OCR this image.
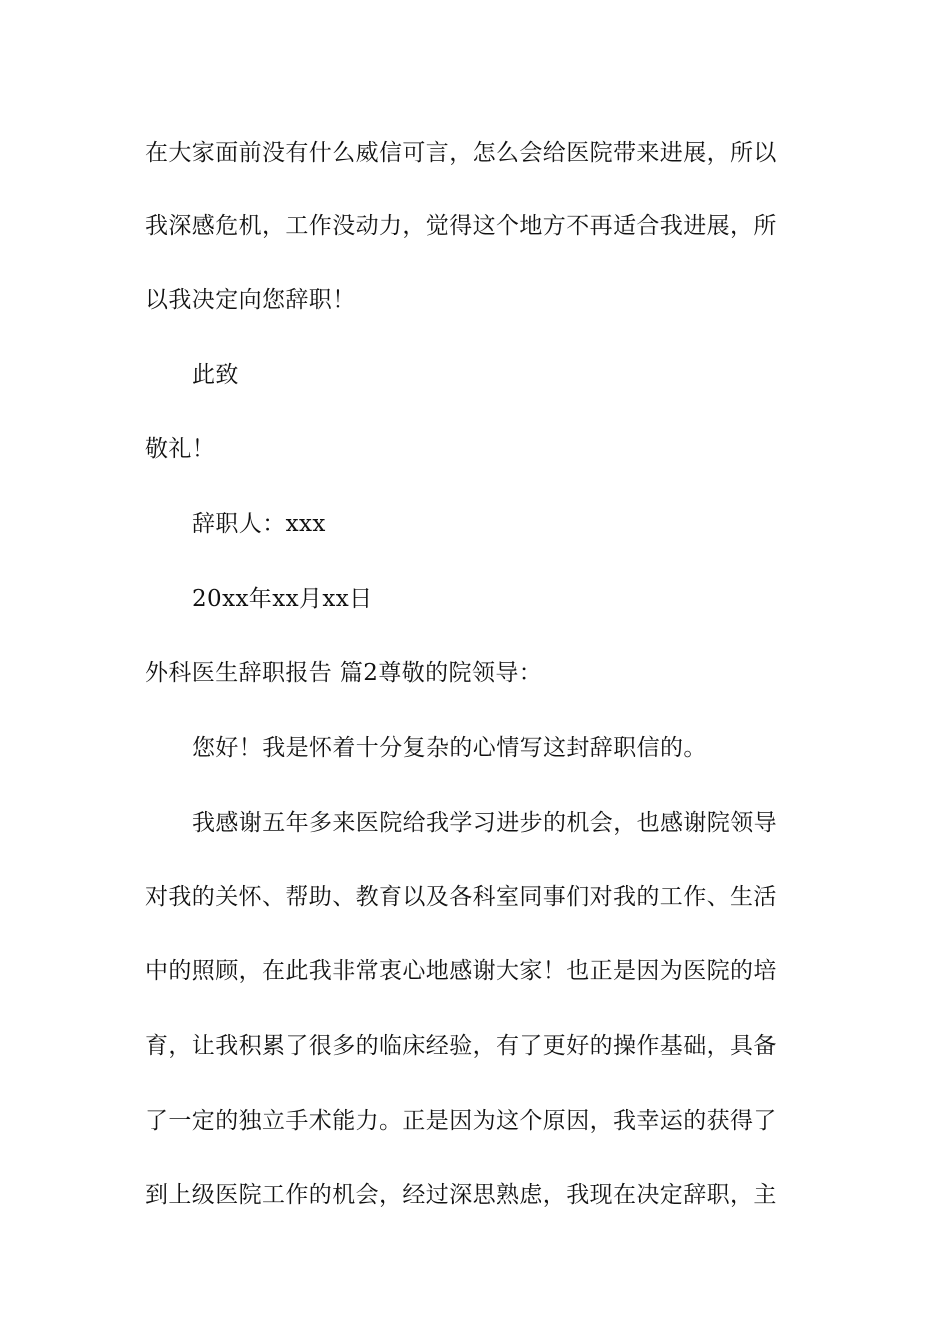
在大家面前没有什么威信可言，怎么会给医院带来进展，所以
我深感危机，工作没动力，觉得这个地方不再适合我进展，所
以我决定向您辞职！
此致
敬礼！
辞职人：xxx
20xx年xx月xx日
外科医生辞职报告 篇2尊敬的院领导：
您好！我是怀着十分复杂的心情写这封辞职信的。
我感谢五年多来医院给我学习进步的机会，也感谢院领导
对我的关怀、帮助、教育以及各科室同事们对我的工作、生活
中的照顾，在此我非常衷心地感谢大家！也正是因为医院的培
育，让我积累了很多的临床经验，有了更好的操作基础，具备
了一定的独立手术能力。正是因为这个原因，我幸运的获得了
到上级医院工作的机会，经过深思熟虑，我现在决定辞职，主
